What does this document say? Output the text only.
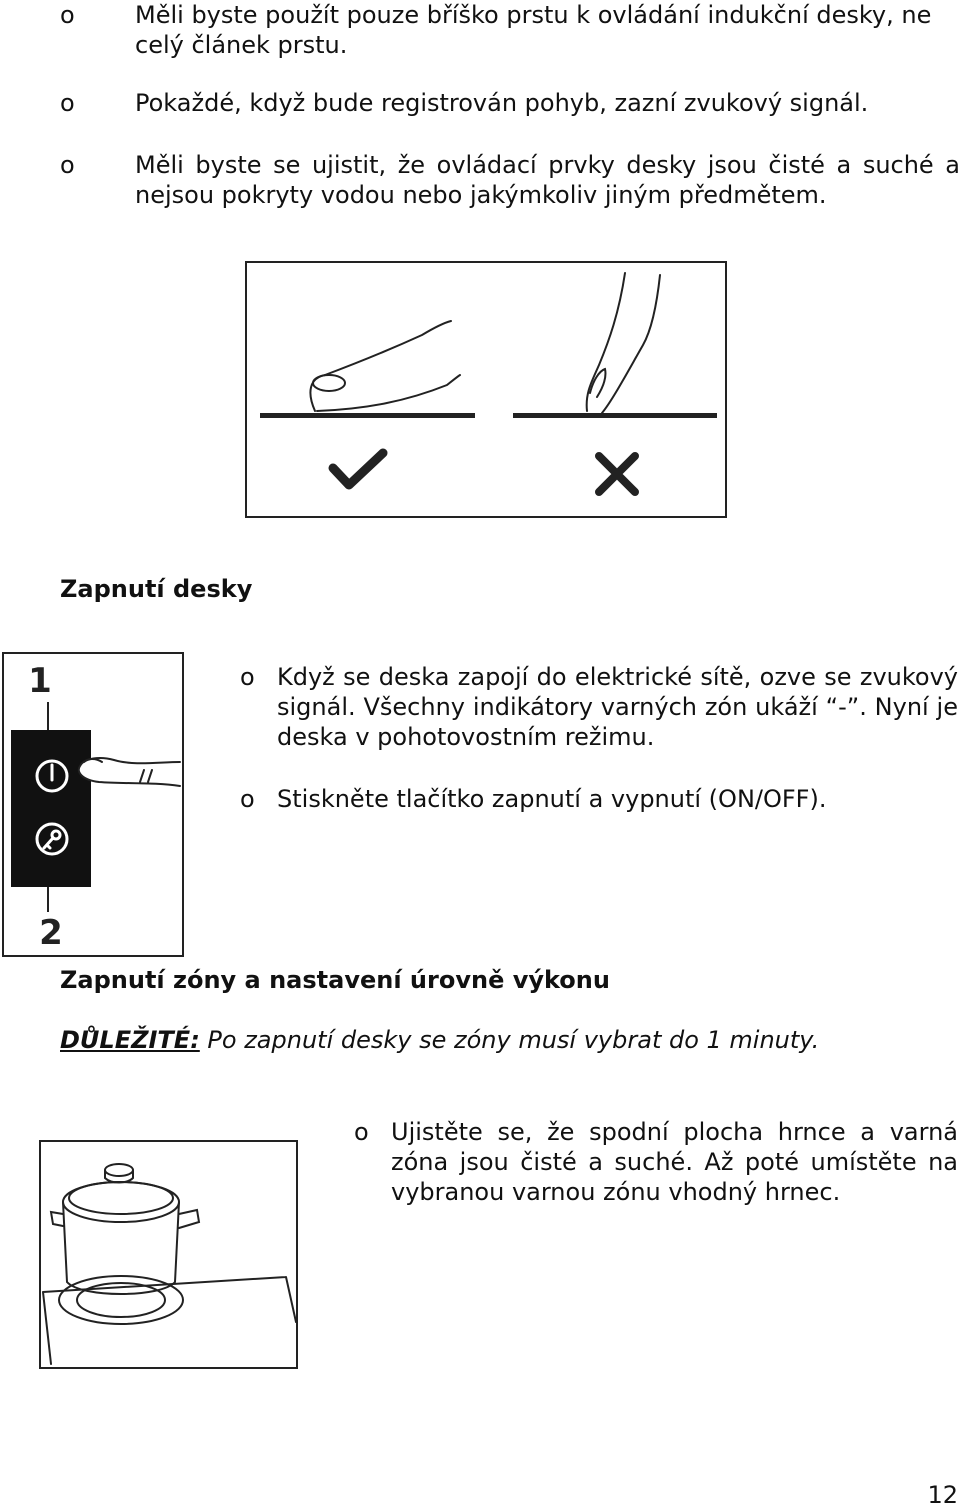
o	Měli byste použít pouze bříško prstu k ovládání indukční desky, ne celý článek prstu.
o	Pokaždé, když bude registrován pohyb, zazní zvukový signál.
o	Měli byste se ujistit, že ovládací prvky desky jsou čisté a suché a nejsou pokryty vodou nebo jakýmkoliv jiným předmětem.
Zapnutí desky
1
2
o Když se deska zapojí do elektrické sítě, ozve se zvukový signál. Všechny indikátory varných zón ukáží “-”. Nyní je deska v pohotovostním režimu.
o Stiskněte tlačítko zapnutí a vypnutí (ON/OFF).
Zapnutí zóny a nastavení úrovně výkonu
DŮLEŽITÉ: Po zapnutí desky se zóny musí vybrat do 1 minuty.
o Ujistěte se, že spodní plocha hrnce a varná zóna jsou čisté a suché. Až poté umístěte na vybranou varnou zónu vhodný hrnec.
12
